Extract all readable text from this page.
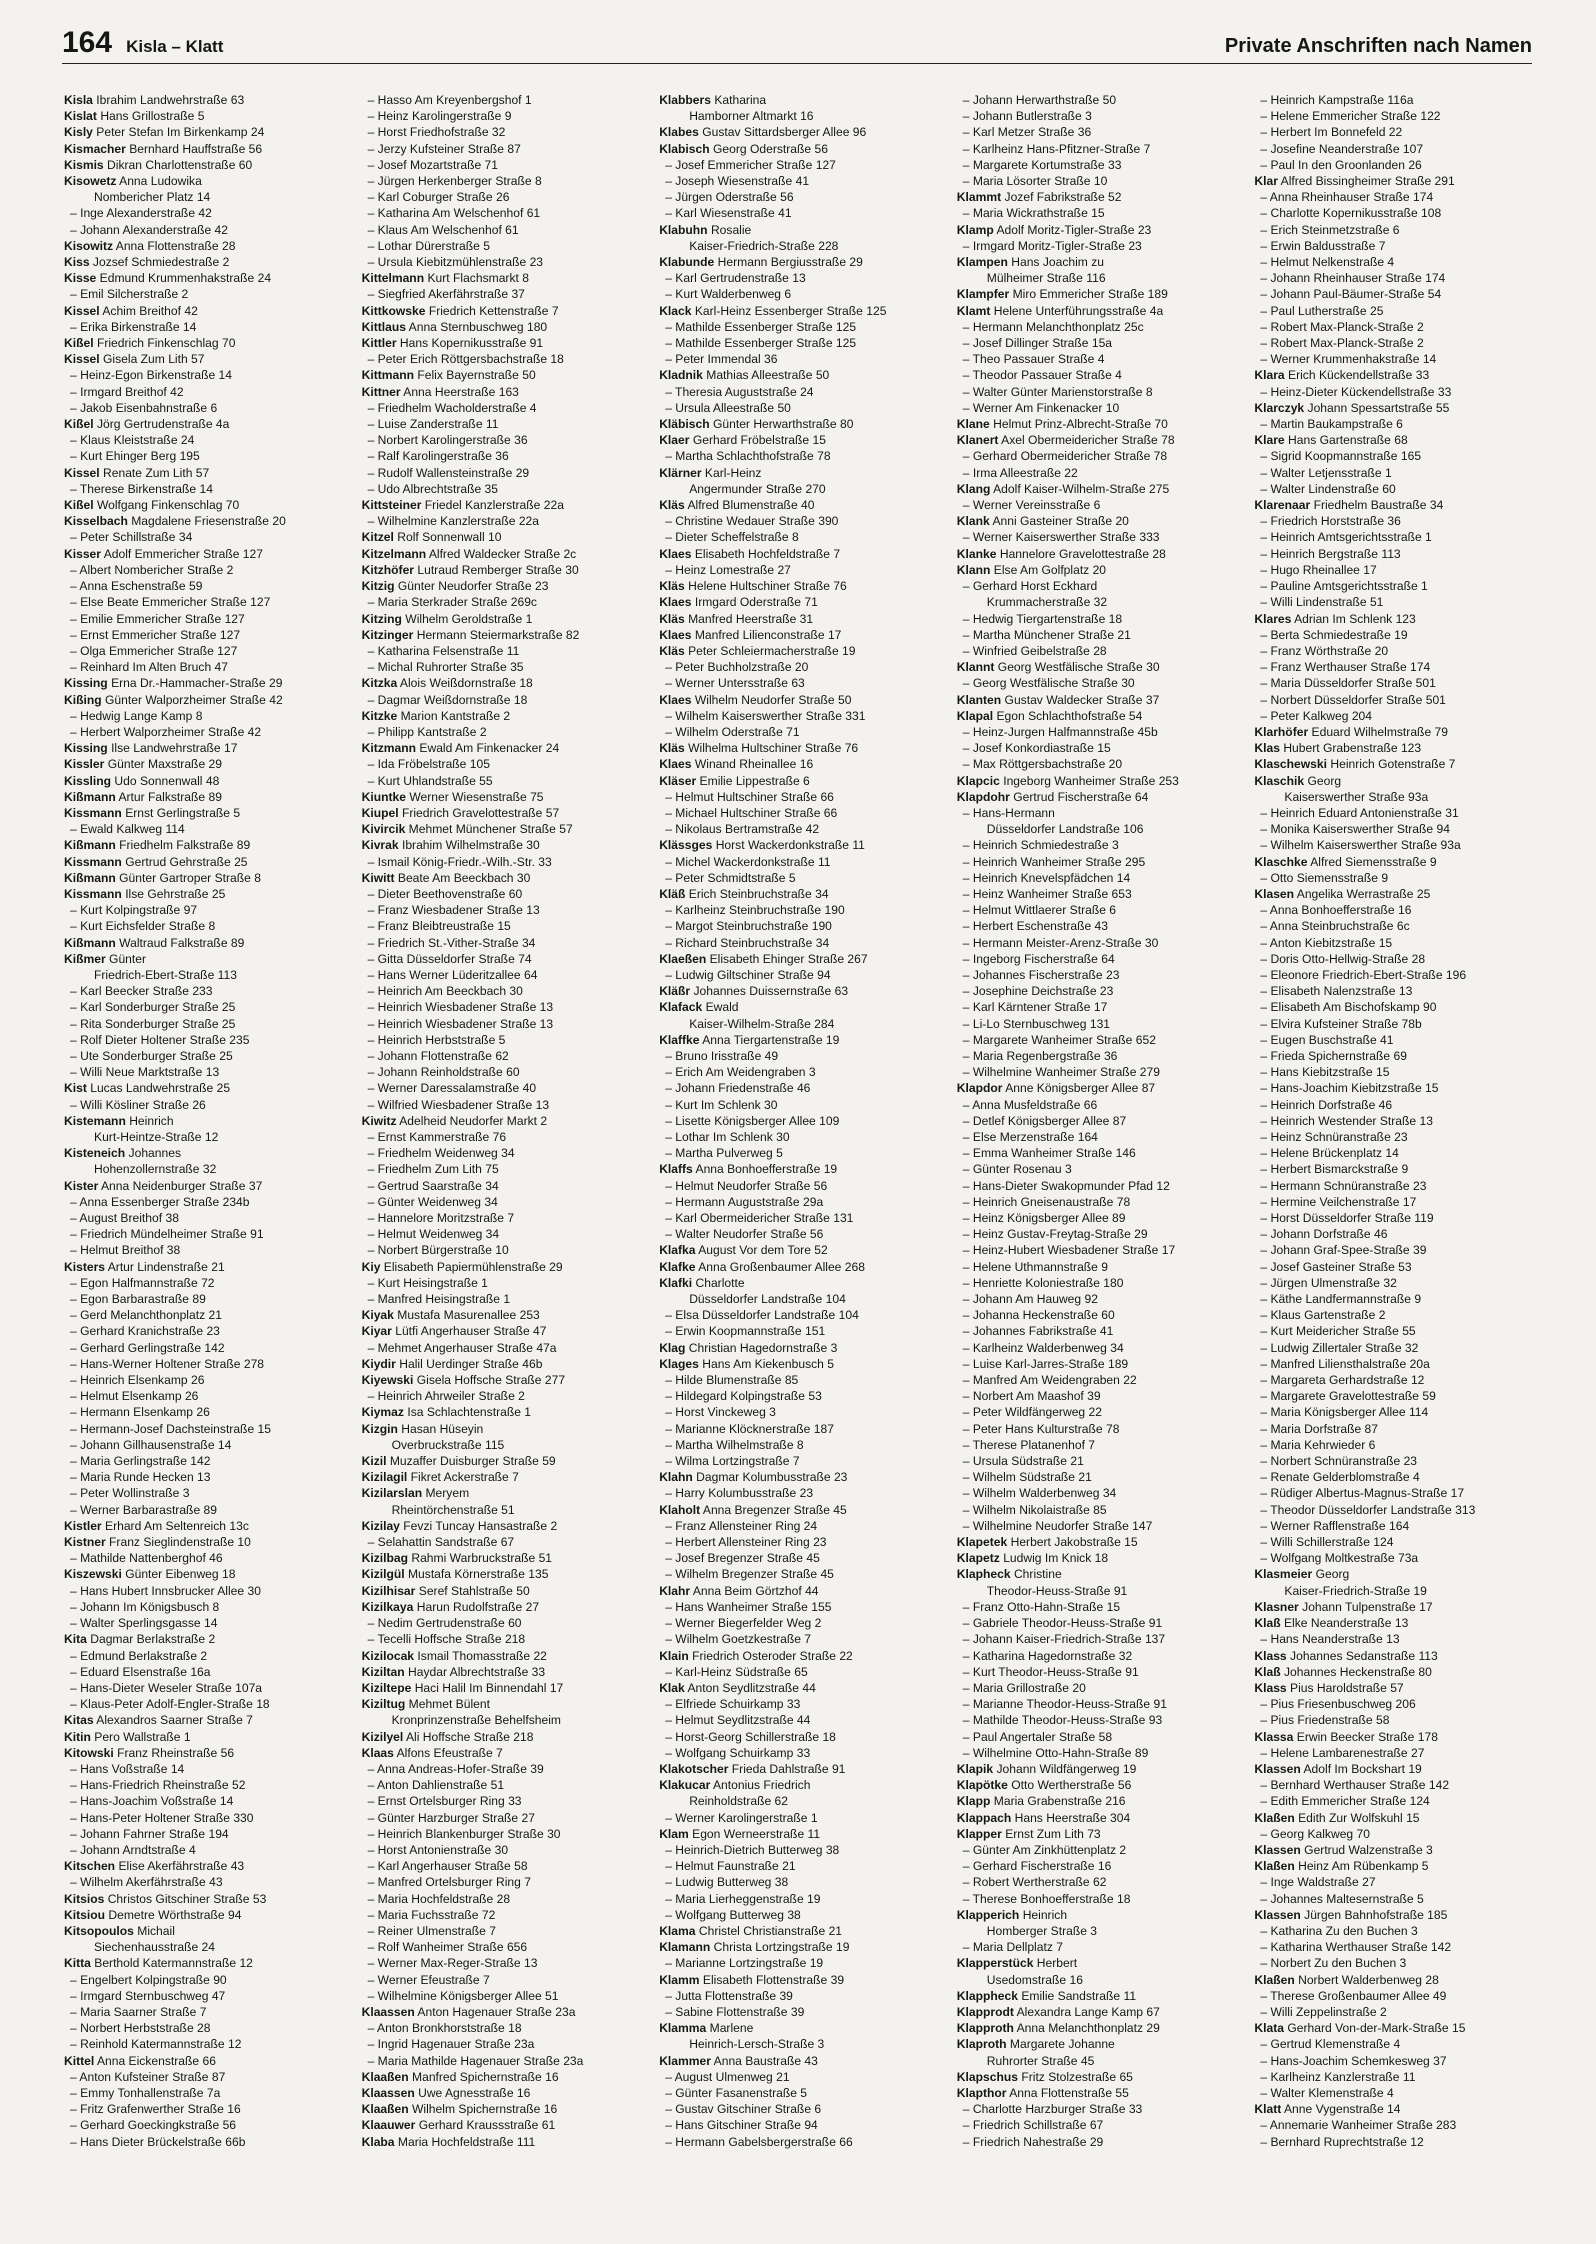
164 Kisla – Klatt	Private Anschriften nach Namen
Kisla Ibrahim Landwehrstraße 63
Kislat Hans Grillostraße 5
Kisly Peter Stefan Im Birkenkamp 24
Kismacher Bernhard Hauffstraße 56
Kismis Dikran Charlottenstraße 60
Kisowetz Anna Ludowika
Nombericher Platz 14
– Inge Alexanderstraße 42
– Johann Alexanderstraße 42
Kisowitz Anna Flottenstraße 28
Kiss Jozsef Schmiedestraße 2
Kisse Edmund Krummenhakstraße 24
– Emil Silcherstraße 2
Kissel Achim Breithof 42
– Erika Birkenstraße 14
Kißel Friedrich Finkenschlag 70
Kissel Gisela Zum Lith 57
– Heinz-Egon Birkenstraße 14
– Irmgard Breithof 42
– Jakob Eisenbahnstraße 6
Kißel Jörg Gertrudenstraße 4a
– Klaus Kleiststraße 24
– Kurt Ehinger Berg 195
Kissel Renate Zum Lith 57
– Therese Birkenstraße 14
Kißel Wolfgang Finkenschlag 70
Kisselbach Magdalene Friesenstraße 20
– Peter Schillstraße 34
Kisser Adolf Emmericher Straße 127
– Albert Nombericher Straße 2
– Anna Eschenstraße 59
– Else Beate Emmericher Straße 127
– Emilie Emmericher Straße 127
– Ernst Emmericher Straße 127
– Olga Emmericher Straße 127
– Reinhard Im Alten Bruch 47
Kissing Erna Dr.-Hammacher-Straße 29
Kißing Günter Walporzheimer Straße 42
– Hedwig Lange Kamp 8
– Herbert Walporzheimer Straße 42
Kissing Ilse Landwehrstraße 17
Kissler Günter Maxstraße 29
Kissling Udo Sonnenwall 48
Kißmann Artur Falkstraße 89
Kissmann Ernst Gerlingstraße 5
– Ewald Kalkweg 114
Kißmann Friedhelm Falkstraße 89
Kissmann Gertrud Gehrstraße 25
Kißmann Günter Gartroper Straße 8
Kissmann Ilse Gehrstraße 25
– Kurt Kolpingstraße 97
– Kurt Eichsfelder Straße 8
Kißmann Waltraud Falkstraße 89
Kißmer Günter
Friedrich-Ebert-Straße 113
– Karl Beecker Straße 233
– Karl Sonderburger Straße 25
– Rita Sonderburger Straße 25
– Rolf Dieter Holtener Straße 235
– Ute Sonderburger Straße 25
– Willi Neue Marktstraße 13
Kist Lucas Landwehrstraße 25
– Willi Kösliner Straße 26
Kistemann Heinrich
Kurt-Heintze-Straße 12
Kisteneich Johannes
Hohenzollernstraße 32
Kister Anna Neidenburger Straße 37
– Anna Essenberger Straße 234b
– August Breithof 38
– Friedrich Mündelheimer Straße 91
– Helmut Breithof 38
Kisters Artur Lindenstraße 21
– Egon Halfmannstraße 72
– Egon Barbarastraße 89
– Gerd Melanchthonplatz 21
– Gerhard Kranichstraße 23
– Gerhard Gerlingstraße 142
– Hans-Werner Holtener Straße 278
– Heinrich Elsenkamp 26
– Helmut Elsenkamp 26
– Hermann Elsenkamp 26
– Hermann-Josef Dachsteinstraße 15
– Johann Gillhausenstraße 14
– Maria Gerlingstraße 142
– Maria Runde Hecken 13
– Peter Wollinstraße 3
– Werner Barbarastraße 89
Kistler Erhard Am Seltenreich 13c
Kistner Franz Sieglindenstraße 10
– Mathilde Nattenberghof 46
Kiszewski Günter Eibenweg 18
– Hans Hubert Innsbrucker Allee 30
– Johann Im Königsbusch 8
– Walter Sperlingsgasse 14
Kita Dagmar Berlakstraße 2
– Edmund Berlakstraße 2
– Eduard Elsenstraße 16a
– Hans-Dieter Weseler Straße 107a
– Klaus-Peter Adolf-Engler-Straße 18
Kitas Alexandros Saarner Straße 7
Kitin Pero Wallstraße 1
Kitowski Franz Rheinstraße 56
– Hans Voßstraße 14
– Hans-Friedrich Rheinstraße 52
– Hans-Joachim Voßstraße 14
– Hans-Peter Holtener Straße 330
– Johann Fahrner Straße 194
– Johann Arndtstraße 4
Kitschen Elise Akerfährstraße 43
– Wilhelm Akerfährstraße 43
Kitsios Christos Gitschiner Straße 53
Kitsiou Demetre Wörthstraße 94
Kitsopoulos Michail
Siechenhausstraße 24
Kitta Berthold Katermannstraße 12
– Engelbert Kolpingstraße 90
– Irmgard Sternbuschweg 47
– Maria Saarner Straße 7
– Norbert Herbststraße 28
– Reinhold Katermannstraße 12
Kittel Anna Eickenstraße 66
– Anton Kufsteiner Straße 87
– Emmy Tonhallenstraße 7a
– Fritz Grafenwerther Straße 16
– Gerhard Goeckingkstraße 56
– Hans Dieter Brückelstraße 66b
– Hasso Am Kreyenbergshof 1
– Heinz Karolingerstraße 9
– Horst Friedhofstraße 32
– Jerzy Kufsteiner Straße 87
– Josef Mozartstraße 71
– Jürgen Herkenberger Straße 8
– Karl Coburger Straße 26
– Katharina Am Welschenhof 61
– Klaus Am Welschenhof 61
– Lothar Dürerstraße 5
– Ursula Kiebitzmühlenstraße 23
Kittelmann Kurt Flachsmarkt 8
– Siegfried Akerfährstraße 37
Kittkowske Friedrich Kettenstraße 7
Kittlaus Anna Sternbuschweg 180
Kittler Hans Kopernikusstraße 91
– Peter Erich Röttgersbachstraße 18
Kittmann Felix Bayernstraße 50
Kittner Anna Heerstraße 163
– Friedhelm Wacholderstraße 4
– Luise Zanderstraße 11
– Norbert Karolingerstraße 36
– Ralf Karolingerstraße 36
– Rudolf Wallensteinstraße 29
– Udo Albrechtstraße 35
Kittsteiner Friedel Kanzlerstraße 22a
– Wilhelmine Kanzlerstraße 22a
Kitzel Rolf Sonnenwall 10
Kitzelmann Alfred Waldecker Straße 2c
Kitzhöfer Lutraud Remberger Straße 30
Kitzig Günter Neudorfer Straße 23
– Maria Sterkrader Straße 269c
Kitzing Wilhelm Geroldstraße 1
Kitzinger Hermann Steiermarkstraße 82
– Katharina Felsenstraße 11
– Michal Ruhrorter Straße 35
Kitzka Alois Weißdornstraße 18
– Dagmar Weißdornstraße 18
Kitzke Marion Kantstraße 2
– Philipp Kantstraße 2
Kitzmann Ewald Am Finkenacker 24
– Ida Fröbelstraße 105
– Kurt Uhlandstraße 55
Kiuntke Werner Wiesenstraße 75
Kiupel Friedrich Gravelottestraße 57
Kivircik Mehmet Münchener Straße 57
Kivrak Ibrahim Wilhelmstraße 30
– Ismail König-Friedr.-Wilh.-Str. 33
Kiwitt Beate Am Beeckbach 30
– Dieter Beethovenstraße 60
– Franz Wiesbadener Straße 13
– Franz Bleibtreustraße 15
– Friedrich St.-Vither-Straße 34
– Gitta Düsseldorfer Straße 74
– Hans Werner Lüderitzallee 64
– Heinrich Am Beeckbach 30
– Heinrich Wiesbadener Straße 13
– Heinrich Wiesbadener Straße 13
– Heinrich Herbststraße 5
– Johann Flottenstraße 62
– Johann Reinholdstraße 60
– Werner Daressalamstraße 40
– Wilfried Wiesbadener Straße 13
Kiwitz Adelheid Neudorfer Markt 2
– Ernst Kammerstraße 76
– Friedhelm Weidenweg 34
– Friedhelm Zum Lith 75
– Gertrud Saarstraße 34
– Günter Weidenweg 34
– Hannelore Moritzstraße 7
– Helmut Weidenweg 34
– Norbert Bürgerstraße 10
Kiy Elisabeth Papiermühlenstraße 29
– Kurt Heisingstraße 1
– Manfred Heisingstraße 1
Kiyak Mustafa Masurenallee 253
Kiyar Lütfi Angerhauser Straße 47
– Mehmet Angerhauser Straße 47a
Kiydir Halil Uerdinger Straße 46b
Kiyewski Gisela Hoffsche Straße 277
– Heinrich Ahrweiler Straße 2
Kiymaz Isa Schlachtenstraße 1
Kizgin Hasan Hüseyin
Overbruckstraße 115
Kizil Muzaffer Duisburger Straße 59
Kizilagil Fikret Ackerstraße 7
Kizilarslan Meryem
Rheintörchenstraße 51
Kizilay Fevzi Tuncay Hansastraße 2
– Selahattin Sandstraße 67
Kizilbag Rahmi Warbruckstraße 51
Kizilgül Mustafa Körnerstraße 135
Kizilhisar Seref Stahlstraße 50
Kizilkaya Harun Rudolfstraße 27
– Nedim Gertrudenstraße 60
– Tecelli Hoffsche Straße 218
Kizilocak Ismail Thomasstraße 22
Kiziltan Haydar Albrechtstraße 33
Kiziltepe Haci Halil Im Binnendahl 17
Kiziltug Mehmet Bülent
Kronprinzenstraße Behelfsheim
Kizilyel Ali Hoffsche Straße 218
Klaas Alfons Efeustraße 7
– Anna Andreas-Hofer-Straße 39
– Anton Dahlienstraße 51
– Ernst Ortelsburger Ring 33
– Günter Harzburger Straße 27
– Heinrich Blankenburger Straße 30
– Horst Antonienstraße 30
– Karl Angerhauser Straße 58
– Manfred Ortelsburger Ring 7
– Maria Hochfeldstraße 28
– Maria Fuchsstraße 72
– Reiner Ulmenstraße 7
– Rolf Wanheimer Straße 656
– Werner Max-Reger-Straße 13
– Werner Efeustraße 7
– Wilhelmine Königsberger Allee 51
Klaassen Anton Hagenauer Straße 23a
– Anton Bronkhorststraße 18
– Ingrid Hagenauer Straße 23a
– Maria Mathilde Hagenauer Straße 23a
Klaaßen Manfred Spichernstraße 16
Klaassen Uwe Agnesstraße 16
Klaaßen Wilhelm Spichernstraße 16
Klaauwer Gerhard Kraussstraße 61
Klaba Maria Hochfeldstraße 111
Klabbers Katharina
Hamborner Altmarkt 16
Klabes Gustav Sittardsberger Allee 96
Klabisch Georg Oderstraße 56
– Josef Emmericher Straße 127
– Joseph Wiesenstraße 41
– Jürgen Oderstraße 56
– Karl Wiesenstraße 41
Klabuhn Rosalie
Kaiser-Friedrich-Straße 228
Klabunde Hermann Bergiusstraße 29
– Karl Gertrudenstraße 13
– Kurt Walderbenweg 6
Klack Karl-Heinz Essenberger Straße 125
– Mathilde Essenberger Straße 125
– Mathilde Essenberger Straße 125
– Peter Immendal 36
Kladnik Mathias Alleestraße 50
– Theresia Auguststraße 24
– Ursula Alleestraße 50
Kläbisch Günter Herwarthstraße 80
Klaer Gerhard Fröbelstraße 15
– Martha Schlachthofstraße 78
Klärner Karl-Heinz
Angermunder Straße 270
Kläs Alfred Blumenstraße 40
– Christine Wedauer Straße 390
– Dieter Scheffelstraße 8
Klaes Elisabeth Hochfeldstraße 7
– Heinz Lomestraße 27
Kläs Helene Hultschiner Straße 76
Klaes Irmgard Oderstraße 71
Kläs Manfred Heerstraße 31
Klaes Manfred Lilienconstraße 17
Kläs Peter Schleiermacherstraße 19
– Peter Buchholzstraße 20
– Werner Untersstraße 63
Klaes Wilhelm Neudorfer Straße 50
– Wilhelm Kaiserswerther Straße 331
– Wilhelm Oderstraße 71
Kläs Wilhelma Hultschiner Straße 76
Klaes Winand Rheinallee 16
Kläser Emilie Lippestraße 6
– Helmut Hultschiner Straße 66
– Michael Hultschiner Straße 66
– Nikolaus Bertramstraße 42
Klässges Horst Wackerdonkstraße 11
– Michel Wackerdonkstraße 11
– Peter Schmidtstraße 5
Kläß Erich Steinbruchstraße 34
– Karlheinz Steinbruchstraße 190
– Margot Steinbruchstraße 190
– Richard Steinbruchstraße 34
Klaeßen Elisabeth Ehinger Straße 267
– Ludwig Giltschiner Straße 94
Kläßr Johannes Duissernstraße 63
Klafack Ewald
Kaiser-Wilhelm-Straße 284
Klaffke Anna Tiergartenstraße 19
– Bruno Irisstraße 49
– Erich Am Weidengraben 3
– Johann Friedenstraße 46
– Kurt Im Schlenk 30
– Lisette Königsberger Allee 109
– Lothar Im Schlenk 30
– Martha Pulverweg 5
Klaffs Anna Bonhoefferstraße 19
– Helmut Neudorfer Straße 56
– Hermann Auguststraße 29a
– Karl Obermeidericher Straße 131
– Walter Neudorfer Straße 56
Klafka August Vor dem Tore 52
Klafke Anna Großenbaumer Allee 268
Klafki Charlotte
Düsseldorfer Landstraße 104
– Elsa Düsseldorfer Landstraße 104
– Erwin Koopmannstraße 151
Klag Christian Hagedornstraße 3
Klages Hans Am Kiekenbusch 5
– Hilde Blumenstraße 85
– Hildegard Kolpingstraße 53
– Horst Vinckeweg 3
– Marianne Klöcknerstraße 187
– Martha Wilhelmstraße 8
– Wilma Lortzingstraße 7
Klahn Dagmar Kolumbusstraße 23
– Harry Kolumbusstraße 23
Klaholt Anna Bregenzer Straße 45
– Franz Allensteiner Ring 24
– Herbert Allensteiner Ring 23
– Josef Bregenzer Straße 45
– Wilhelm Bregenzer Straße 45
Klahr Anna Beim Görtzhof 44
– Hans Wanheimer Straße 155
– Werner Biegerfelder Weg 2
– Wilhelm Goetzkestraße 7
Klain Friedrich Osteroder Straße 22
– Karl-Heinz Südstraße 65
Klak Anton Seydlitzstraße 44
– Elfriede Schuirkamp 33
– Helmut Seydlitzstraße 44
– Horst-Georg Schillerstraße 18
– Wolfgang Schuirkamp 33
Klakotscher Frieda Dahlstraße 91
Klakucar Antonius Friedrich
Reinholdstraße 62
– Werner Karolingerstraße 1
Klam Egon Werneerstraße 11
– Heinrich-Dietrich Butterweg 38
– Helmut Faunstraße 21
– Ludwig Butterweg 38
– Maria Lierheggenstraße 19
– Wolfgang Butterweg 38
Klama Christel Christianstraße 21
Klamann Christa Lortzingstraße 19
– Marianne Lortzingstraße 19
Klamm Elisabeth Flottenstraße 39
– Jutta Flottenstraße 39
– Sabine Flottenstraße 39
Klamma Marlene
Heinrich-Lersch-Straße 3
Klammer Anna Baustraße 43
– August Ulmenweg 21
– Günter Fasanenstraße 5
– Gustav Gitschiner Straße 6
– Hans Gitschiner Straße 94
– Hermann Gabelsbergerstraße 66
– Johann Herwarthstraße 50
– Johann Butlerstraße 3
– Karl Metzer Straße 36
– Karlheinz Hans-Pfitzner-Straße 7
– Margarete Kortumstraße 33
– Maria Lösorter Straße 10
Klammt Jozef Fabrikstraße 52
– Maria Wickrathstraße 15
Klamp Adolf Moritz-Tigler-Straße 23
– Irmgard Moritz-Tigler-Straße 23
Klampen Hans Joachim zu
Mülheimer Straße 116
Klampfer Miro Emmericher Straße 189
Klamt Helene Unterführungsstraße 4a
– Hermann Melanchthonplatz 25c
– Josef Dillinger Straße 15a
– Theo Passauer Straße 4
– Theodor Passauer Straße 4
– Walter Günter Marienstorstraße 8
– Werner Am Finkenacker 10
Klane Helmut Prinz-Albrecht-Straße 70
Klanert Axel Obermeidericher Straße 78
– Gerhard Obermeidericher Straße 78
– Irma Alleestraße 22
Klang Adolf Kaiser-Wilhelm-Straße 275
– Werner Vereinsstraße 6
Klank Anni Gasteiner Straße 20
– Werner Kaiserswerther Straße 333
Klanke Hannelore Gravelottestraße 28
Klann Else Am Golfplatz 20
– Gerhard Horst Eckhard
Krummacherstraße 32
– Hedwig Tiergartenstraße 18
– Martha Münchener Straße 21
– Winfried Geibelstraße 28
Klannt Georg Westfälische Straße 30
– Georg Westfälische Straße 30
Klanten Gustav Waldecker Straße 37
Klapal Egon Schlachthofstraße 54
– Heinz-Jurgen Halfmannstraße 45b
– Josef Konkordiastraße 15
– Max Röttgersbachstraße 20
Klapcic Ingeborg Wanheimer Straße 253
Klapdohr Gertrud Fischerstraße 64
– Hans-Hermann
Düsseldorfer Landstraße 106
– Heinrich Schmiedestraße 3
– Heinrich Wanheimer Straße 295
– Heinrich Knevelspfädchen 14
– Heinz Wanheimer Straße 653
– Helmut Wittlaerer Straße 6
– Herbert Eschenstraße 43
– Hermann Meister-Arenz-Straße 30
– Ingeborg Fischerstraße 64
– Johannes Fischerstraße 23
– Josephine Deichstraße 23
– Karl Kärntener Straße 17
– Li-Lo Sternbuschweg 131
– Margarete Wanheimer Straße 652
– Maria Regenbergstraße 36
– Wilhelmine Wanheimer Straße 279
Klapdor Anne Königsberger Allee 87
– Anna Musfeldstraße 66
– Detlef Königsberger Allee 87
– Else Merzenstraße 164
– Emma Wanheimer Straße 146
– Günter Rosenau 3
– Hans-Dieter Swakopmunder Pfad 12
– Heinrich Gneisenaustraße 78
– Heinz Königsberger Allee 89
– Heinz Gustav-Freytag-Straße 29
– Heinz-Hubert Wiesbadener Straße 17
– Helene Uthmannstraße 9
– Henriette Koloniestraße 180
– Johann Am Hauweg 92
– Johanna Heckenstraße 60
– Johannes Fabrikstraße 41
– Karlheinz Walderbenweg 34
– Luise Karl-Jarres-Straße 189
– Manfred Am Weidengraben 22
– Norbert Am Maashof 39
– Peter Wildfängerweg 22
– Peter Hans Kulturstraße 78
– Therese Platanenhof 7
– Ursula Südstraße 21
– Wilhelm Südstraße 21
– Wilhelm Walderbenweg 34
– Wilhelm Nikolaistraße 85
– Wilhelmine Neudorfer Straße 147
Klapetek Herbert Jakobstraße 15
Klapetz Ludwig Im Knick 18
Klapheck Christine
Theodor-Heuss-Straße 91
– Franz Otto-Hahn-Straße 15
– Gabriele Theodor-Heuss-Straße 91
– Johann Kaiser-Friedrich-Straße 137
– Katharina Hagedornstraße 32
– Kurt Theodor-Heuss-Straße 91
– Maria Grillostraße 20
– Marianne Theodor-Heuss-Straße 91
– Mathilde Theodor-Heuss-Straße 93
– Paul Angertaler Straße 58
– Wilhelmine Otto-Hahn-Straße 89
Klapik Johann Wildfängerweg 19
Klapötke Otto Wertherstraße 56
Klapp Maria Grabenstraße 216
Klappach Hans Heerstraße 304
Klapper Ernst Zum Lith 73
– Günter Am Zinkhüttenplatz 2
– Gerhard Fischerstraße 16
– Robert Wertherstraße 62
– Therese Bonhoefferstraße 18
Klapperich Heinrich
Homberger Straße 3
– Maria Dellplatz 7
Klapperstück Herbert
Usedomstraße 16
Klappheck Emilie Sandstraße 11
Klapprodt Alexandra Lange Kamp 67
Klapproth Anna Melanchthonplatz 29
Klaproth Margarete Johanne
Ruhrorter Straße 45
Klapschus Fritz Stolzestraße 65
Klapthor Anna Flottenstraße 55
– Charlotte Harzburger Straße 33
– Friedrich Schillstraße 67
– Friedrich Nahestraße 29
– Heinrich Kampstraße 116a
– Helene Emmericher Straße 122
– Herbert Im Bonnefeld 22
– Josefine Neanderstraße 107
– Paul In den Groonlanden 26
Klar Alfred Bissingheimer Straße 291
– Anna Rheinhauser Straße 174
– Charlotte Kopernikusstraße 108
– Erich Steinmetzstraße 6
– Erwin Baldusstraße 7
– Helmut Nelkenstraße 4
– Johann Rheinhauser Straße 174
– Johann Paul-Bäumer-Straße 54
– Paul Lutherstraße 25
– Robert Max-Planck-Straße 2
– Robert Max-Planck-Straße 2
– Werner Krummenhakstraße 14
Klara Erich Kückendellstraße 33
– Heinz-Dieter Kückendellstraße 33
Klarczyk Johann Spessartstraße 55
– Martin Baukampstraße 6
Klare Hans Gartenstraße 68
– Sigrid Koopmannstraße 165
– Walter Letjensstraße 1
– Walter Lindenstraße 60
Klarenaar Friedhelm Baustraße 34
– Friedrich Horststraße 36
– Heinrich Amtsgerichtsstraße 1
– Heinrich Bergstraße 113
– Hugo Rheinallee 17
– Pauline Amtsgerichtsstraße 1
– Willi Lindenstraße 51
Klares Adrian Im Schlenk 123
– Berta Schmiedestraße 19
– Franz Wörthstraße 20
– Franz Werthauser Straße 174
– Maria Düsseldorfer Straße 501
– Norbert Düsseldorfer Straße 501
– Peter Kalkweg 204
Klarhöfer Eduard Wilhelmstraße 79
Klas Hubert Grabenstraße 123
Klaschewski Heinrich Gotenstraße 7
Klaschik Georg
Kaiserswerther Straße 93a
– Heinrich Eduard Antonienstraße 31
– Monika Kaiserswerther Straße 94
– Wilhelm Kaiserswerther Straße 93a
Klaschke Alfred Siemensstraße 9
– Otto Siemensstraße 9
Klasen Angelika Werrastraße 25
– Anna Bonhoefferstraße 16
– Anna Steinbruchstraße 6c
– Anton Kiebitzstraße 15
– Doris Otto-Hellwig-Straße 28
– Eleonore Friedrich-Ebert-Straße 196
– Elisabeth Nalenzstraße 13
– Elisabeth Am Bischofskamp 90
– Elvira Kufsteiner Straße 78b
– Eugen Buschstraße 41
– Frieda Spichernstraße 69
– Hans Kiebitzstraße 15
– Hans-Joachim Kiebitzstraße 15
– Heinrich Dorfstraße 46
– Heinrich Westender Straße 13
– Heinz Schnüranstraße 23
– Helene Brückenplatz 14
– Herbert Bismarckstraße 9
– Hermann Schnüranstraße 23
– Hermine Veilchenstraße 17
– Horst Düsseldorfer Straße 119
– Johann Dorfstraße 46
– Johann Graf-Spee-Straße 39
– Josef Gasteiner Straße 53
– Jürgen Ulmenstraße 32
– Käthe Landfermannstraße 9
– Klaus Gartenstraße 2
– Kurt Meidericher Straße 55
– Ludwig Zillertaler Straße 32
– Manfred Liliensthalstraße 20a
– Margareta Gerhardstraße 12
– Margarete Gravelottestraße 59
– Maria Königsberger Allee 114
– Maria Dorfstraße 87
– Maria Kehrwieder 6
– Norbert Schnüranstraße 23
– Renate Gelderblomstraße 4
– Rüdiger Albertus-Magnus-Straße 17
– Theodor Düsseldorfer Landstraße 313
– Werner Rafflenstraße 164
– Willi Schillerstraße 124
– Wolfgang Moltkestraße 73a
Klasmeier Georg
Kaiser-Friedrich-Straße 19
Klasner Johann Tulpenstraße 17
Klaß Elke Neanderstraße 13
– Hans Neanderstraße 13
Klass Johannes Sedanstraße 113
Klaß Johannes Heckenstraße 80
Klass Pius Haroldstraße 57
– Pius Friesenbuschweg 206
– Pius Friedenstraße 58
Klassa Erwin Beecker Straße 178
– Helene Lambarenestraße 27
Klassen Adolf Im Bockshart 19
– Bernhard Werthauser Straße 142
– Edith Emmericher Straße 124
Klaßen Edith Zur Wolfskuhl 15
– Georg Kalkweg 70
Klassen Gertrud Walzenstraße 3
Klaßen Heinz Am Rübenkamp 5
– Inge Waldstraße 27
– Johannes Maltesernstraße 5
Klassen Jürgen Bahnhofstraße 185
– Katharina Zu den Buchen 3
– Katharina Werthauser Straße 142
– Norbert Zu den Buchen 3
Klaßen Norbert Walderbenweg 28
– Therese Großenbaumer Allee 49
– Willi Zeppelinstraße 2
Klata Gerhard Von-der-Mark-Straße 15
– Gertrud Klemenstraße 4
– Hans-Joachim Schemkesweg 37
– Karlheinz Kanzlerstraße 11
– Walter Klemenstraße 4
Klatt Anne Vygenstraße 14
– Annemarie Wanheimer Straße 283
– Bernhard Ruprechtstraße 12
